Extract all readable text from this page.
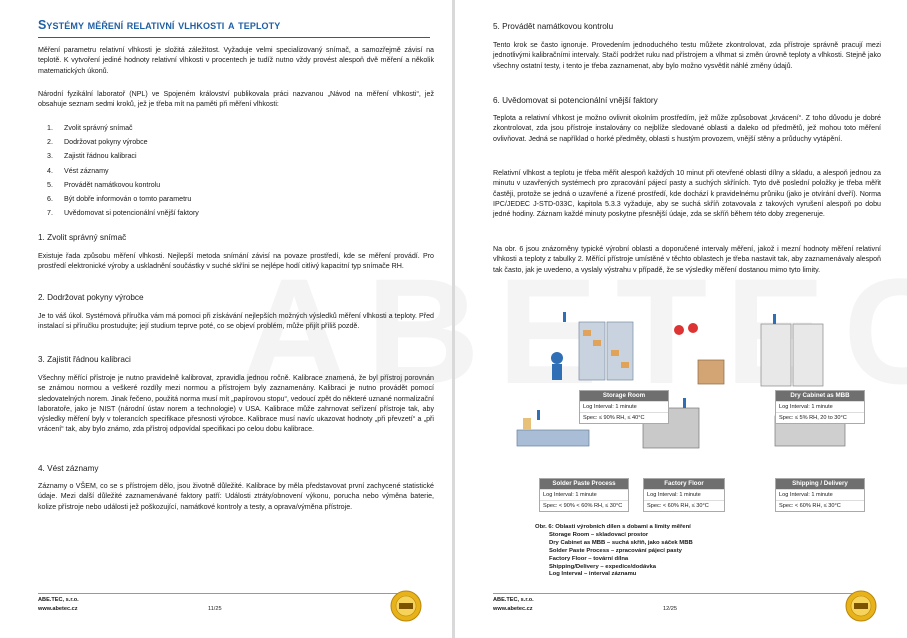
Systémy měření relativní vlhkosti a teploty

Měření parametru relativní vlhkosti je složitá záležitost. Vyžaduje velmi specializovaný snímač, a samozřejmě závisí na teplotě. K vytvoření jediné hodnoty relativní vlhkosti v procentech je tudíž nutno vždy provést alespoň dvě měření a několik matematických úkonů.

Národní fyzikální laboratoř (NPL) ve Spojeném království publikovala práci nazvanou „Návod na měření vlhkosti“, jež obsahuje seznam sedmi kroků, jež je třeba mít na paměti při měření vlhkosti:

1. Zvolit správný snímač
2. Dodržovat pokyny výrobce
3. Zajistit řádnou kalibraci
4. Vést záznamy
5. Provádět namátkovou kontrolu
6. Být dobře informován o tomto parametru
7. Uvědomovat si potencionální vnější faktory
1. Zvolit správný snímač

Existuje řada způsobu měření vlhkosti. Nejlepší metoda snímání závisí na povaze prostředí, kde se měření provádí. Pro prostředí elektronické výroby a uskladnění součástky v suché skříni se nejlépe hodí citlivý kapacitní typ snímače RH.

2. Dodržovat pokyny výrobce

Je to váš úkol. Systémová příručka vám má pomoci při získávání nejlepších možných výsledků měření vlhkosti a teploty. Před instalací si příručku prostudujte; její studium teprve poté, co se objeví problém, může přijít příliš pozdě.

3. Zajistit řádnou kalibraci

Všechny měřící přístroje je nutno pravidelně kalibrovat, zpravidla jednou ročně. Kalibrace znamená, že byl přístroj porovnán se známou normou a veškeré rozdíly mezi normou a přístrojem byly zaznamenány. Kalibraci je nutno provádět pomocí sledovatelných norem. Jinak řečeno, použitá norma musí mít „papírovou stopu“, vedoucí zpět do některé uznané normalizační laboratoře, jako je NIST (národní ústav norem a technologie) v USA. Kalibrace může zahrnovat seřízení přístroje tak, aby výsledky měření byly v tolerancích specifikace přesnosti výrobce. Kalibrace musí navíc ukazovat hodnoty „při převzetí“ a „při vrácení“ tak, aby bylo známo, zda přístroj odpovídal specifikaci po celou dobu kalibrace.

4. Vést záznamy

Záznamy o VŠEM, co se s přístrojem dělo, jsou životně důležité. Kalibrace by měla představovat první zachycené statistické údaje. Mezi další důležité zaznamenávané faktory patří: Události ztráty/obnovení výkonu, porucha nebo výměna baterie, kolize přístroje nebo události jež poškozující, namátkové kontroly a testy, a oprava/výměna přístroje.

ABE.TEC, s.r.o.
www.abetec.cz	11/25
5. Provádět namátkovou kontrolu

Tento krok se často ignoruje. Provedením jednoduchého testu můžete zkontrolovat, zda přístroje správně pracují mezi jednotlivými kalibračními intervaly. Stačí podržet ruku nad přístrojem a vlhmat si změn úrovně teploty a vlhkosti. Stejně jako všechny ostatní testy, i tento je třeba zaznamenat, aby bylo možno vysvětlit náhlé změny údajů.

6. Uvědomovat si potencionální vnější faktory

Teplota a relativní vlhkost je možno ovlivnit okolním prostředím, jež může způsobovat „krvácení“. Z toho důvodu je dobré zkontrolovat, zda jsou přístroje instalovány co nejblíže sledované oblasti a daleko od předmětů, jež mohou toto měření ovlivňovat. Jedná se například o horké předměty, oblasti s hustým provozem, vnější stěny a průduchy vytápění.

Relativní vlhkost a teplotu je třeba měřit alespoň každých 10 minut při otevřené oblasti dílny a skladu, a alespoň jednou za minutu v uzavřených systémech pro zpracování pájecí pasty a suchých skříních. Tyto dvě poslední položky je třeba měřit častěji, protože se jedná o uzavřené a řízené prostředí, kde dochází k pravidelnému průniku (jako je otvírání dveří). Norma IPC/JEDEC J-STD-033C, kapitola 5.3.3 vyžaduje, aby se suchá skříň zotavovala z takových vyrušení alespoň po dobu jedné hodiny. Záznam každé minuty poskytne přesnější údaje, zda se skříň během této doby zregeneruje.

Na obr. 6 jsou znázorněny typické výrobní oblasti a doporučené intervaly měření, jakož i mezní hodnoty měření relativní vlhkosti a teploty z tabulky 2. Měřící přístroje umístěné v těchto oblastech je třeba nastavit tak, aby zaznamenávaly alespoň tak často, jak je uvedeno, a vyslaly výstrahu v případě, že se výsledky měření dostanou mimo tyto limity.

Storage Room
Log Interval: 1 minute
Spec: ≤ 90% RH, ≤ 40°C
Dry Cabinet as MBB
Log Interval: 1 minute
Spec: ≤ 5% RH, 20 to 30°C
Solder Paste Process
Log Interval: 1 minute
Spec: < 90% < 60% RH, ≤ 30°C
Factory Floor
Log Interval: 1 minute
Spec: < 60% RH, ≤ 30°C
Shipping / Delivery
Log Interval: 1 minute
Spec: < 60% RH, ≤ 30°C
Obr. 6: Oblasti výrobních dílen s dobami a limity měření
Storage Room – skladovací prostor
Dry Cabinet as MBB – suchá skříň, jako sáček MBB
Solder Paste Process – zpracování pájecí pasty
Factory Floor – tovární dílna
Shipping/Delivery – expedice/dodávka
Log Interval – interval záznamu
ABE.TEC, s.r.o.
www.abetec.cz	12/25
